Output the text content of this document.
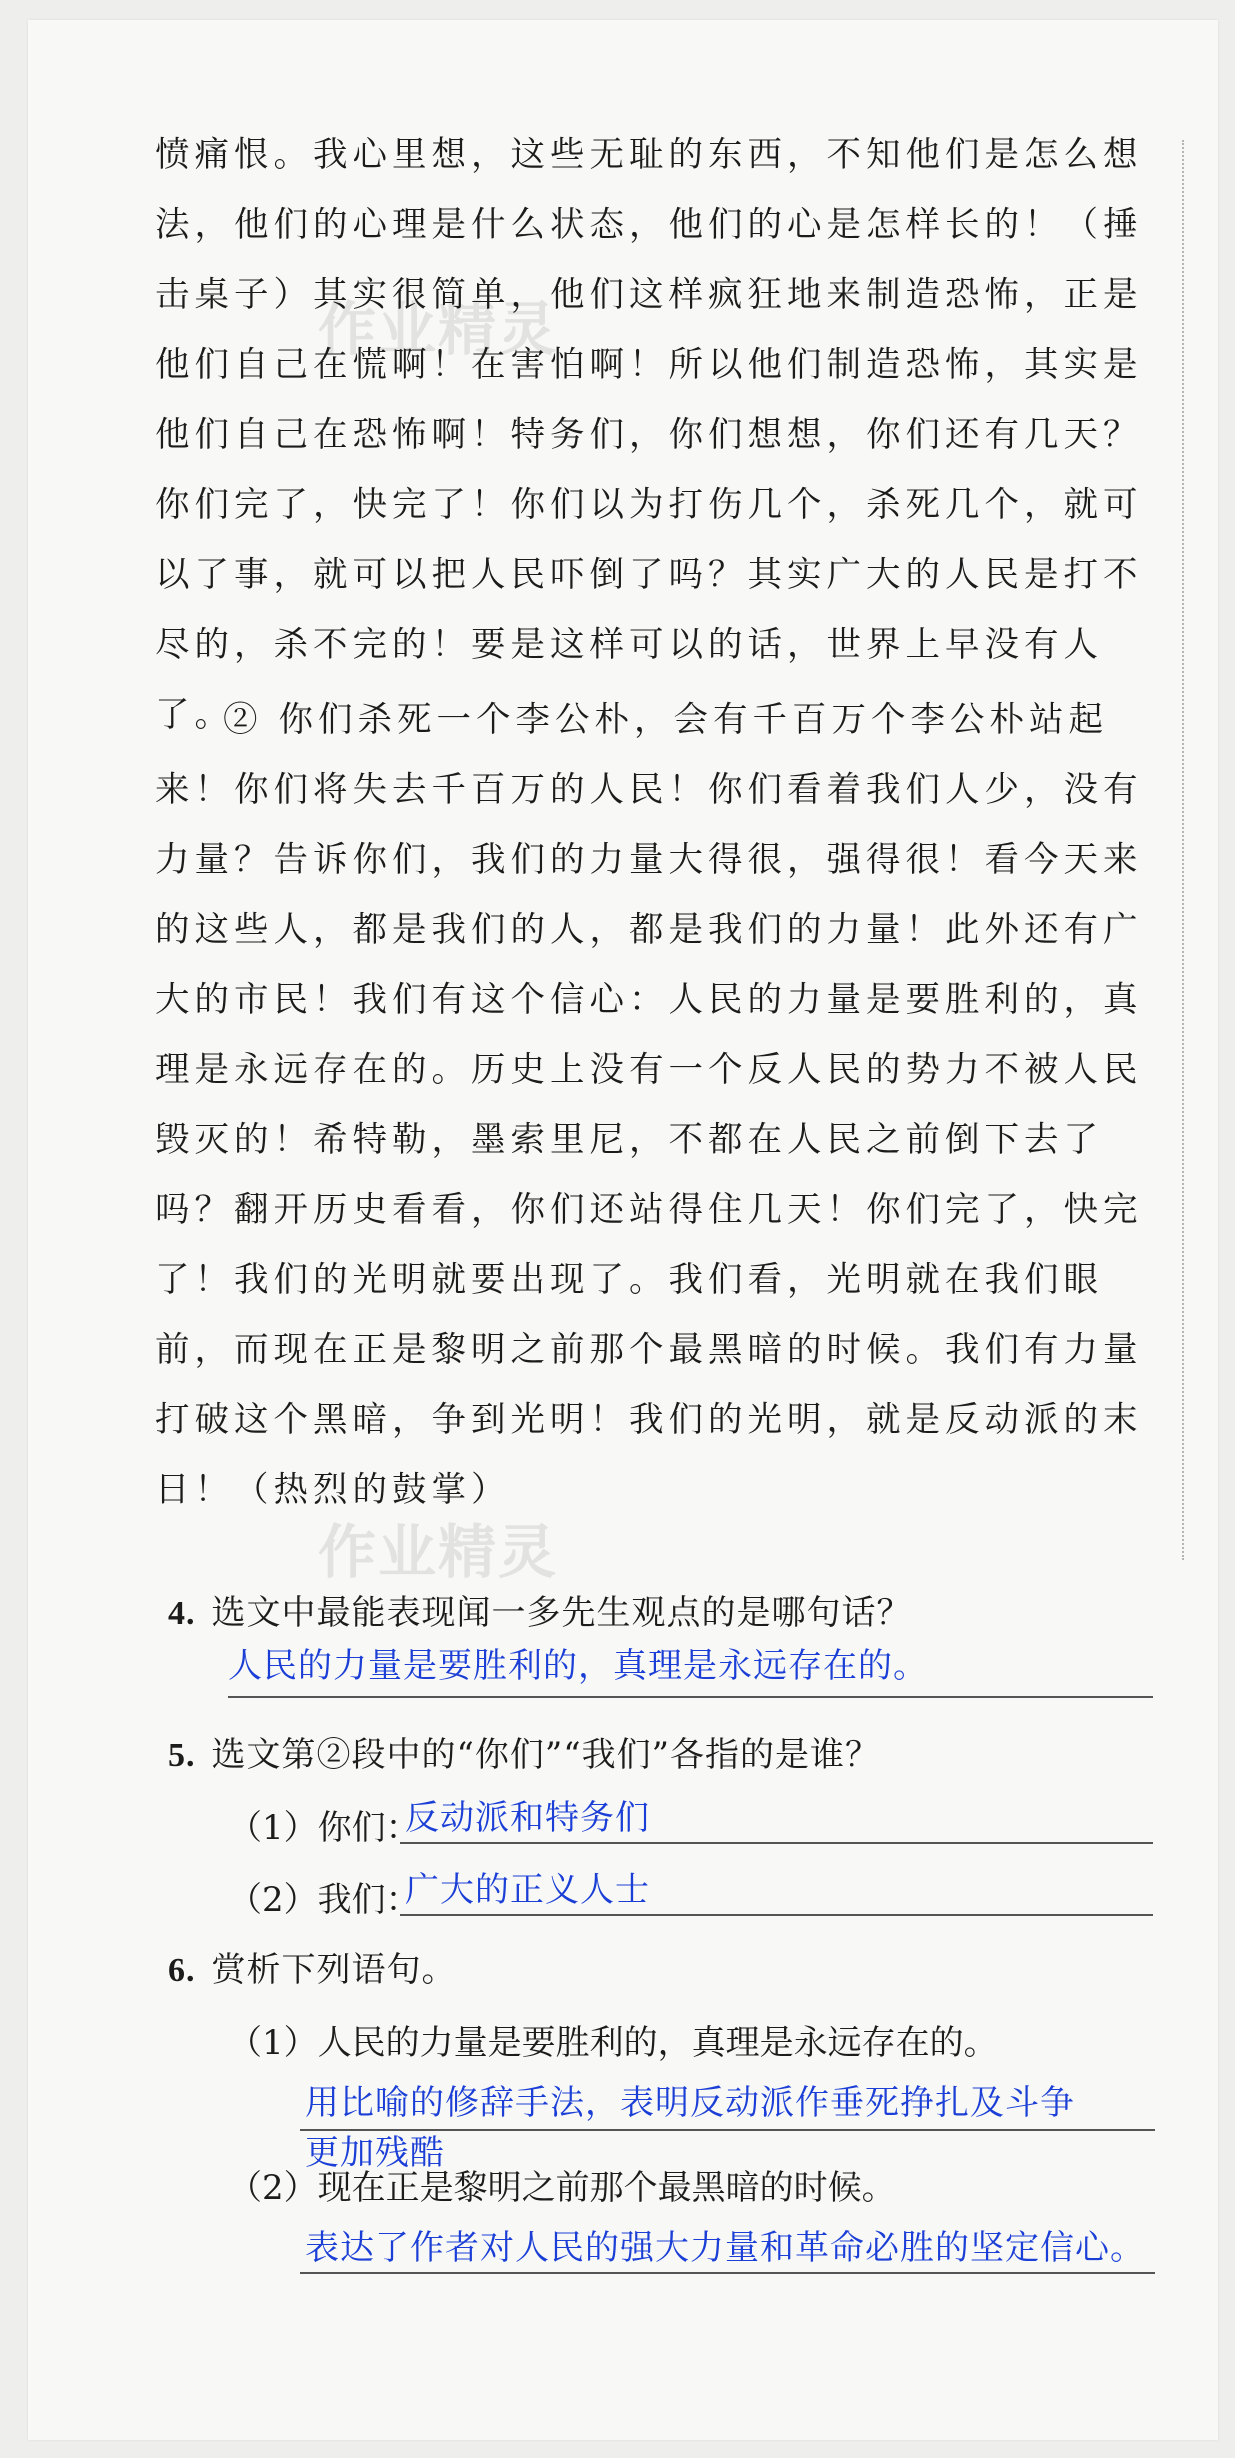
作业精灵
作业精灵
愤痛恨。我心里想，这些无耻的东西，不知他们是怎么想法，他们的心理是什么状态，他们的心是怎样长的！（捶击桌子）其实很简单，他们这样疯狂地来制造恐怖，正是他们自己在慌啊！在害怕啊！所以他们制造恐怖，其实是他们自己在恐怖啊！特务们，你们想想，你们还有几天？你们完了，快完了！你们以为打伤几个，杀死几个，就可以了事，就可以把人民吓倒了吗？其实广大的人民是打不尽的，杀不完的！要是这样可以的话，世界上早没有人了。
② 你们杀死一个李公朴，会有千百万个李公朴站起来！你们将失去千百万的人民！你们看着我们人少，没有力量？告诉你们，我们的力量大得很，强得很！看今天来的这些人，都是我们的人，都是我们的力量！此外还有广大的市民！我们有这个信心：人民的力量是要胜利的，真理是永远存在的。历史上没有一个反人民的势力不被人民毁灭的！希特勒，墨索里尼，不都在人民之前倒下去了吗？翻开历史看看，你们还站得住几天！你们完了，快完了！我们的光明就要出现了。我们看，光明就在我们眼前，而现在正是黎明之前那个最黑暗的时候。我们有力量打破这个黑暗，争到光明！我们的光明，就是反动派的末日！（热烈的鼓掌）
4. 选文中最能表现闻一多先生观点的是哪句话？
人民的力量是要胜利的，真理是永远存在的。
5. 选文第②段中的“你们”“我们”各指的是谁？
（1）你们：
反动派和特务们
（2）我们：
广大的正义人士
6. 赏析下列语句。
（1）人民的力量是要胜利的，真理是永远存在的。
用比喻的修辞手法，表明反动派作垂死挣扎及斗争
更加残酷
（2）现在正是黎明之前那个最黑暗的时候。
表达了作者对人民的强大力量和革命必胜的坚定信心。
